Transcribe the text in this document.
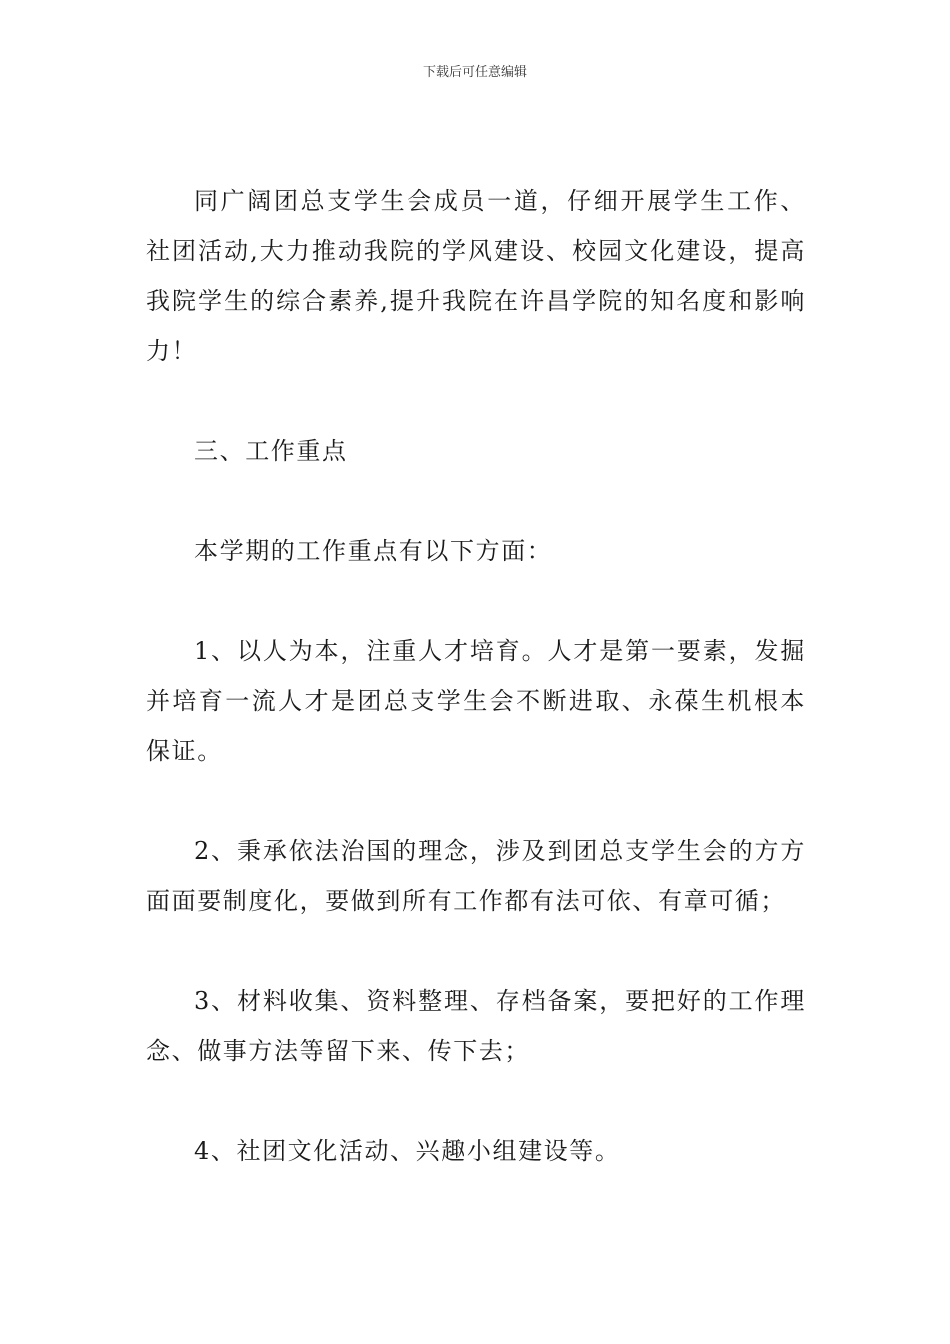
下载后可任意编辑

同广阔团总支学生会成员一道，仔细开展学生工作、社团活动,大力推动我院的学风建设、校园文化建设，提高我院学生的综合素养,提升我院在许昌学院的知名度和影响力！

三、工作重点

本学期的工作重点有以下方面：

1、以人为本，注重人才培育。人才是第一要素，发掘并培育一流人才是团总支学生会不断进取、永葆生机根本保证。

2、秉承依法治国的理念，涉及到团总支学生会的方方面面要制度化，要做到所有工作都有法可依、有章可循；

3、材料收集、资料整理、存档备案，要把好的工作理念、做事方法等留下来、传下去；

4、社团文化活动、兴趣小组建设等。
